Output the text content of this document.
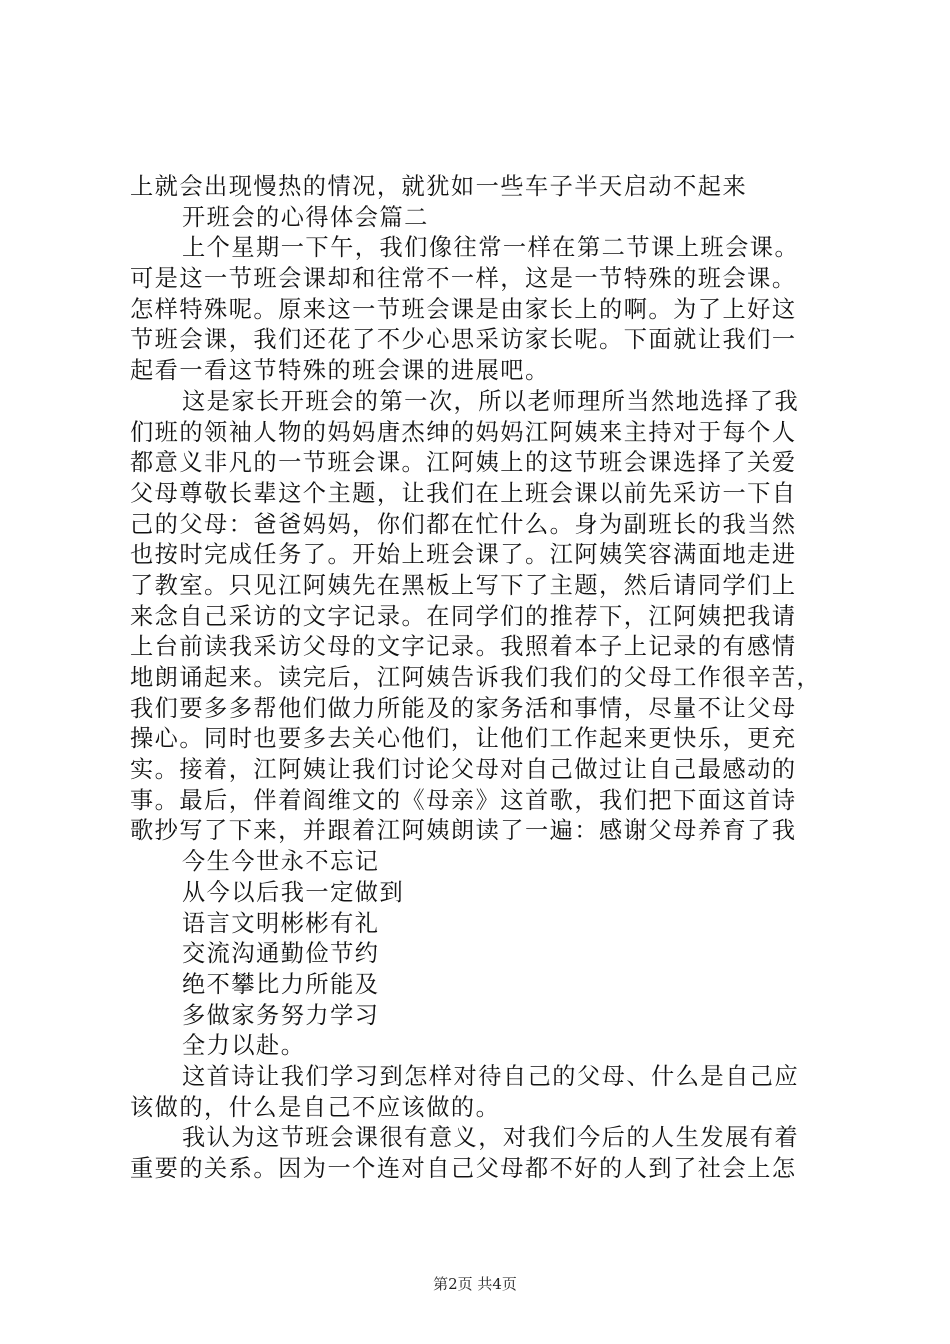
上就会出现慢热的情况，就犹如一些车子半天启动不起来
开班会的心得体会篇二
上个星期一下午，我们像往常一样在第二节课上班会课。
可是这一节班会课却和往常不一样，这是一节特殊的班会课。
怎样特殊呢。原来这一节班会课是由家长上的啊。为了上好这
节班会课，我们还花了不少心思采访家长呢。下面就让我们一
起看一看这节特殊的班会课的进展吧。
这是家长开班会的第一次，所以老师理所当然地选择了我
们班的领袖人物的妈妈唐杰绅的妈妈江阿姨来主持对于每个人
都意义非凡的一节班会课。江阿姨上的这节班会课选择了关爱
父母尊敬长辈这个主题，让我们在上班会课以前先采访一下自
己的父母：爸爸妈妈，你们都在忙什么。身为副班长的我当然
也按时完成任务了。开始上班会课了。江阿姨笑容满面地走进
了教室。只见江阿姨先在黑板上写下了主题，然后请同学们上
来念自己采访的文字记录。在同学们的推荐下，江阿姨把我请
上台前读我采访父母的文字记录。我照着本子上记录的有感情
地朗诵起来。读完后，江阿姨告诉我们我们的父母工作很辛苦，
我们要多多帮他们做力所能及的家务活和事情，尽量不让父母
操心。同时也要多去关心他们，让他们工作起来更快乐，更充
实。接着，江阿姨让我们讨论父母对自己做过让自己最感动的
事。最后，伴着阎维文的《母亲》这首歌，我们把下面这首诗
歌抄写了下来，并跟着江阿姨朗读了一遍：感谢父母养育了我
今生今世永不忘记
从今以后我一定做到
语言文明彬彬有礼
交流沟通勤俭节约
绝不攀比力所能及
多做家务努力学习
全力以赴。
这首诗让我们学习到怎样对待自己的父母、什么是自己应
该做的，什么是自己不应该做的。
我认为这节班会课很有意义，对我们今后的人生发展有着
重要的关系。因为一个连对自己父母都不好的人到了社会上怎
第2页 共4页
